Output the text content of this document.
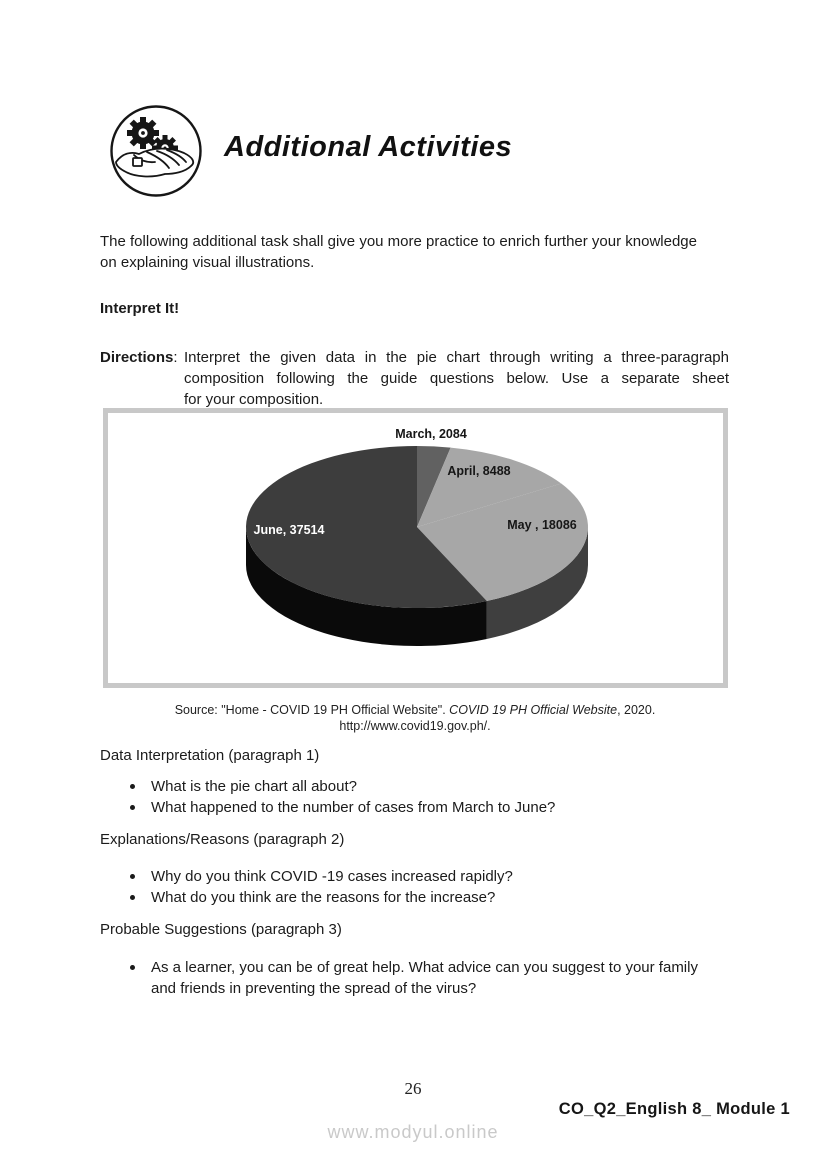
Additional Activities
The following additional task shall give you more practice to enrich further your knowledge
on explaining visual illustrations.
Interpret It!
Directions: Interpret the given data in the pie chart through writing a three-paragraph
composition following the guide questions below. Use a separate sheet
for your composition.
March, 2084
April, 8488
May , 18086
June, 37514
Source: "Home - COVID 19 PH Official Website". COVID 19 PH Official Website, 2020.
http://www.covid19.gov.ph/.
Data Interpretation (paragraph 1)
What is the pie chart all about?
What happened to the number of cases from March to June?
Explanations/Reasons (paragraph 2)
Why do you think COVID -19 cases increased rapidly?
What do you think are the reasons for the increase?
Probable Suggestions (paragraph 3)
As a learner, you can be of great help. What advice can you suggest to your family
and friends in preventing the spread of the virus?
26
CO_Q2_English 8_ Module 1
www.modyul.online
